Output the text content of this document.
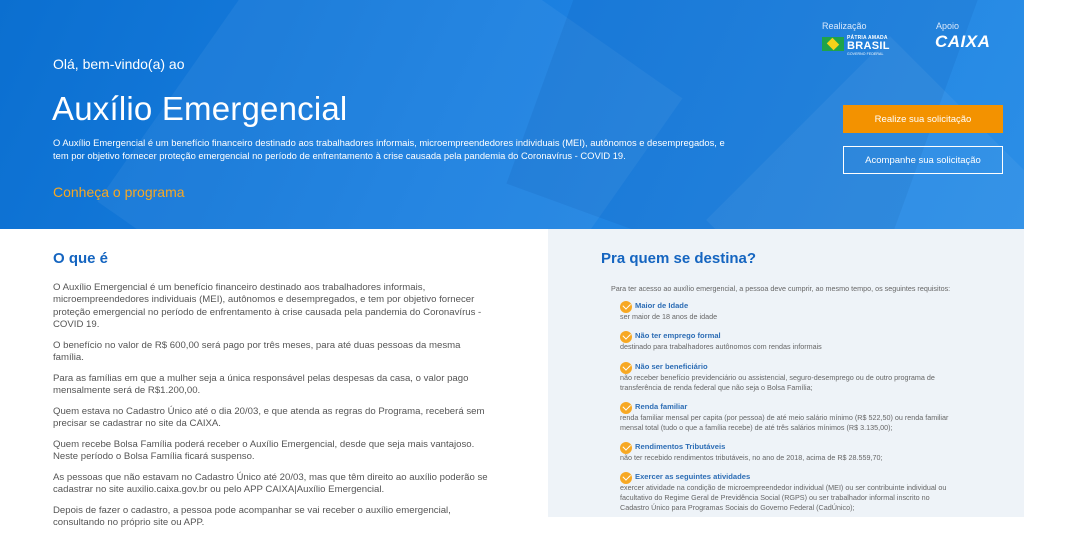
Olá, bem-vindo(a) ao
Auxílio Emergencial

O Auxílio Emergencial é um benefício financeiro destinado aos trabalhadores informais, microempreendedores individuais (MEI), autônomos e desempregados, e tem por objetivo fornecer proteção emergencial no período de enfrentamento à crise causada pela pandemia do Coronavírus - COVID 19.

Conheça o programa
Realização	Apoio
PÁTRIA AMADA
BRASIL
GOVERNO FEDERAL
CAIXA
Realize sua solicitação
Acompanhe sua solicitação
O que é

O Auxílio Emergencial é um benefício financeiro destinado aos trabalhadores informais, microempreendedores individuais (MEI), autônomos e desempregados, e tem por objetivo fornecer proteção emergencial no período de enfrentamento à crise causada pela pandemia do Coronavírus - COVID 19.

O benefício no valor de R$ 600,00 será pago por três meses, para até duas pessoas da mesma família.

Para as famílias em que a mulher seja a única responsável pelas despesas da casa, o valor pago mensalmente será de R$1.200,00.

Quem estava no Cadastro Único até o dia 20/03, e que atenda as regras do Programa, receberá sem precisar se cadastrar no site da CAIXA.

Quem recebe Bolsa Família poderá receber o Auxílio Emergencial, desde que seja mais vantajoso. Neste período o Bolsa Família ficará suspenso.

As pessoas que não estavam no Cadastro Único até 20/03, mas que têm direito ao auxílio poderão se cadastrar no site auxilio.caixa.gov.br ou pelo APP CAIXA|Auxílio Emergencial.

Depois de fazer o cadastro, a pessoa pode acompanhar se vai receber o auxílio emergencial, consultando no próprio site ou APP.

Pra quem se destina?
Para ter acesso ao auxílio emergencial, a pessoa deve cumprir, ao mesmo tempo, os seguintes requisitos:
Maior de Idade
ser maior de 18 anos de idade
Não ter emprego formal
destinado para trabalhadores autônomos com rendas informais
Não ser beneficiário
não receber benefício previdenciário ou assistencial, seguro-desemprego ou de outro programa de transferência de renda federal que não seja o Bolsa Família;
Renda familiar
renda familiar mensal per capita (por pessoa) de até meio salário mínimo (R$ 522,50) ou renda familiar mensal total (tudo o que a família recebe) de até três salários mínimos (R$ 3.135,00);
Rendimentos Tributáveis
não ter recebido rendimentos tributáveis, no ano de 2018, acima de R$ 28.559,70;
Exercer as seguintes atividades
exercer atividade na condição de microempreendedor individual (MEI) ou ser contribuinte individual ou facultativo do Regime Geral de Previdência Social (RGPS) ou ser trabalhador informal inscrito no Cadastro Único para Programas Sociais do Governo Federal (CadÚnico);
